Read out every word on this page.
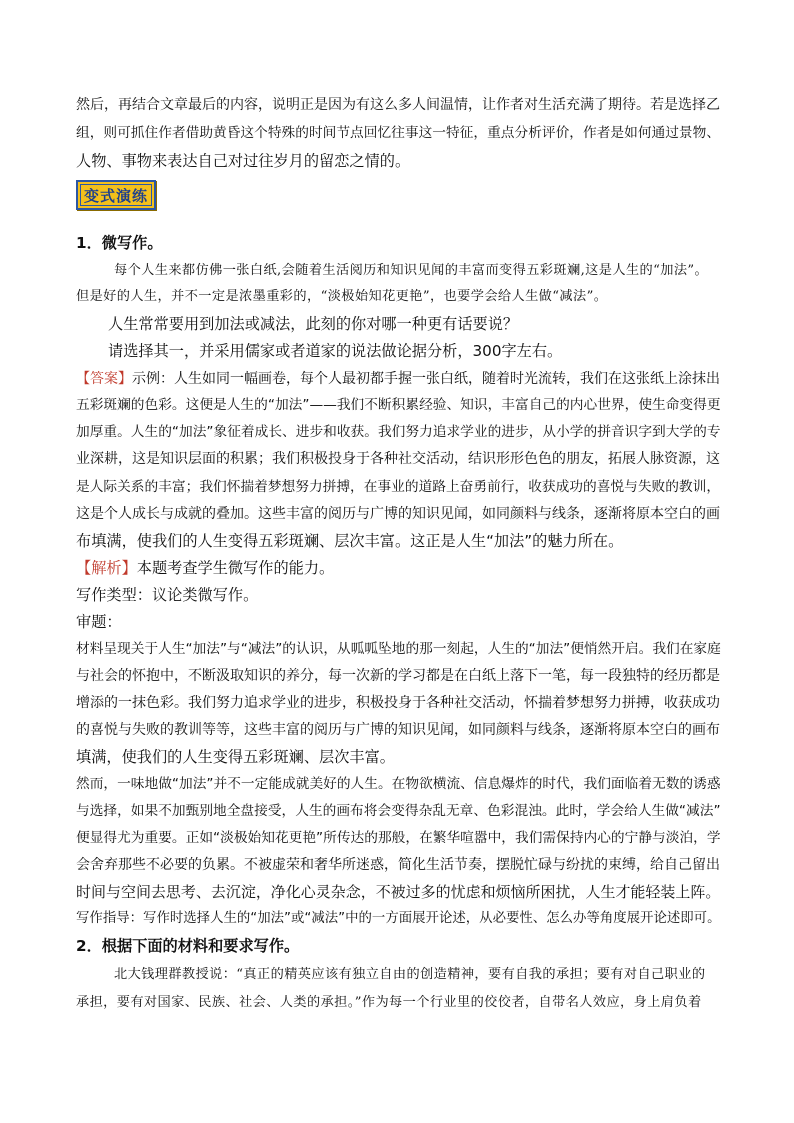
然后，再结合文章最后的内容，说明正是因为有这么多人间温情，让作者对生活充满了期待。若是选择乙
组，则可抓住作者借助黄昏这个特殊的时间节点回忆往事这一特征，重点分析评价，作者是如何通过景物、
人物、事物来表达自己对过往岁月的留恋之情的。
变式演练
1．微写作。
每个人生来都仿佛一张白纸,会随着生活阅历和知识见闻的丰富而变得五彩斑斓,这是人生的“加法”。
但是好的人生，并不一定是浓墨重彩的，“淡极始知花更艳”，也要学会给人生做“减法”。
人生常常要用到加法或减法，此刻的你对哪一种更有话要说？
请选择其一，并采用儒家或者道家的说法做论据分析，300字左右。
【答案】示例：人生如同一幅画卷，每个人最初都手握一张白纸，随着时光流转，我们在这张纸上涂抹出
五彩斑斓的色彩。这便是人生的“加法”——我们不断积累经验、知识，丰富自己的内心世界，使生命变得更
加厚重。人生的“加法”象征着成长、进步和收获。我们努力追求学业的进步，从小学的拼音识字到大学的专
业深耕，这是知识层面的积累；我们积极投身于各种社交活动，结识形形色色的朋友，拓展人脉资源，这
是人际关系的丰富；我们怀揣着梦想努力拼搏，在事业的道路上奋勇前行，收获成功的喜悦与失败的教训，
这是个人成长与成就的叠加。这些丰富的阅历与广博的知识见闻，如同颜料与线条，逐渐将原本空白的画
布填满，使我们的人生变得五彩斑斓、层次丰富。这正是人生“加法”的魅力所在。
【解析】本题考查学生微写作的能力。
写作类型：议论类微写作。
审题：
材料呈现关于人生“加法”与“减法”的认识，从呱呱坠地的那一刻起，人生的“加法”便悄然开启。我们在家庭
与社会的怀抱中，不断汲取知识的养分，每一次新的学习都是在白纸上落下一笔，每一段独特的经历都是
增添的一抹色彩。我们努力追求学业的进步，积极投身于各种社交活动，怀揣着梦想努力拼搏，收获成功
的喜悦与失败的教训等等，这些丰富的阅历与广博的知识见闻，如同颜料与线条，逐渐将原本空白的画布
填满，使我们的人生变得五彩斑斓、层次丰富。
然而，一味地做“加法”并不一定能成就美好的人生。在物欲横流、信息爆炸的时代，我们面临着无数的诱惑
与选择，如果不加甄别地全盘接受，人生的画布将会变得杂乱无章、色彩混浊。此时，学会给人生做“减法”
便显得尤为重要。正如“淡极始知花更艳”所传达的那般，在繁华喧嚣中，我们需保持内心的宁静与淡泊，学
会舍弃那些不必要的负累。不被虚荣和奢华所迷惑，简化生活节奏，摆脱忙碌与纷扰的束缚，给自己留出
时间与空间去思考、去沉淀，净化心灵杂念，不被过多的忧虑和烦恼所困扰，人生才能轻装上阵。
写作指导：写作时选择人生的“加法”或“减法”中的一方面展开论述，从必要性、怎么办等角度展开论述即可。
2．根据下面的材料和要求写作。
北大钱理群教授说：“真正的精英应该有独立自由的创造精神，要有自我的承担；要有对自己职业的
承担，要有对国家、民族、社会、人类的承担。”作为每一个行业里的佼佼者，自带名人效应，身上肩负着
